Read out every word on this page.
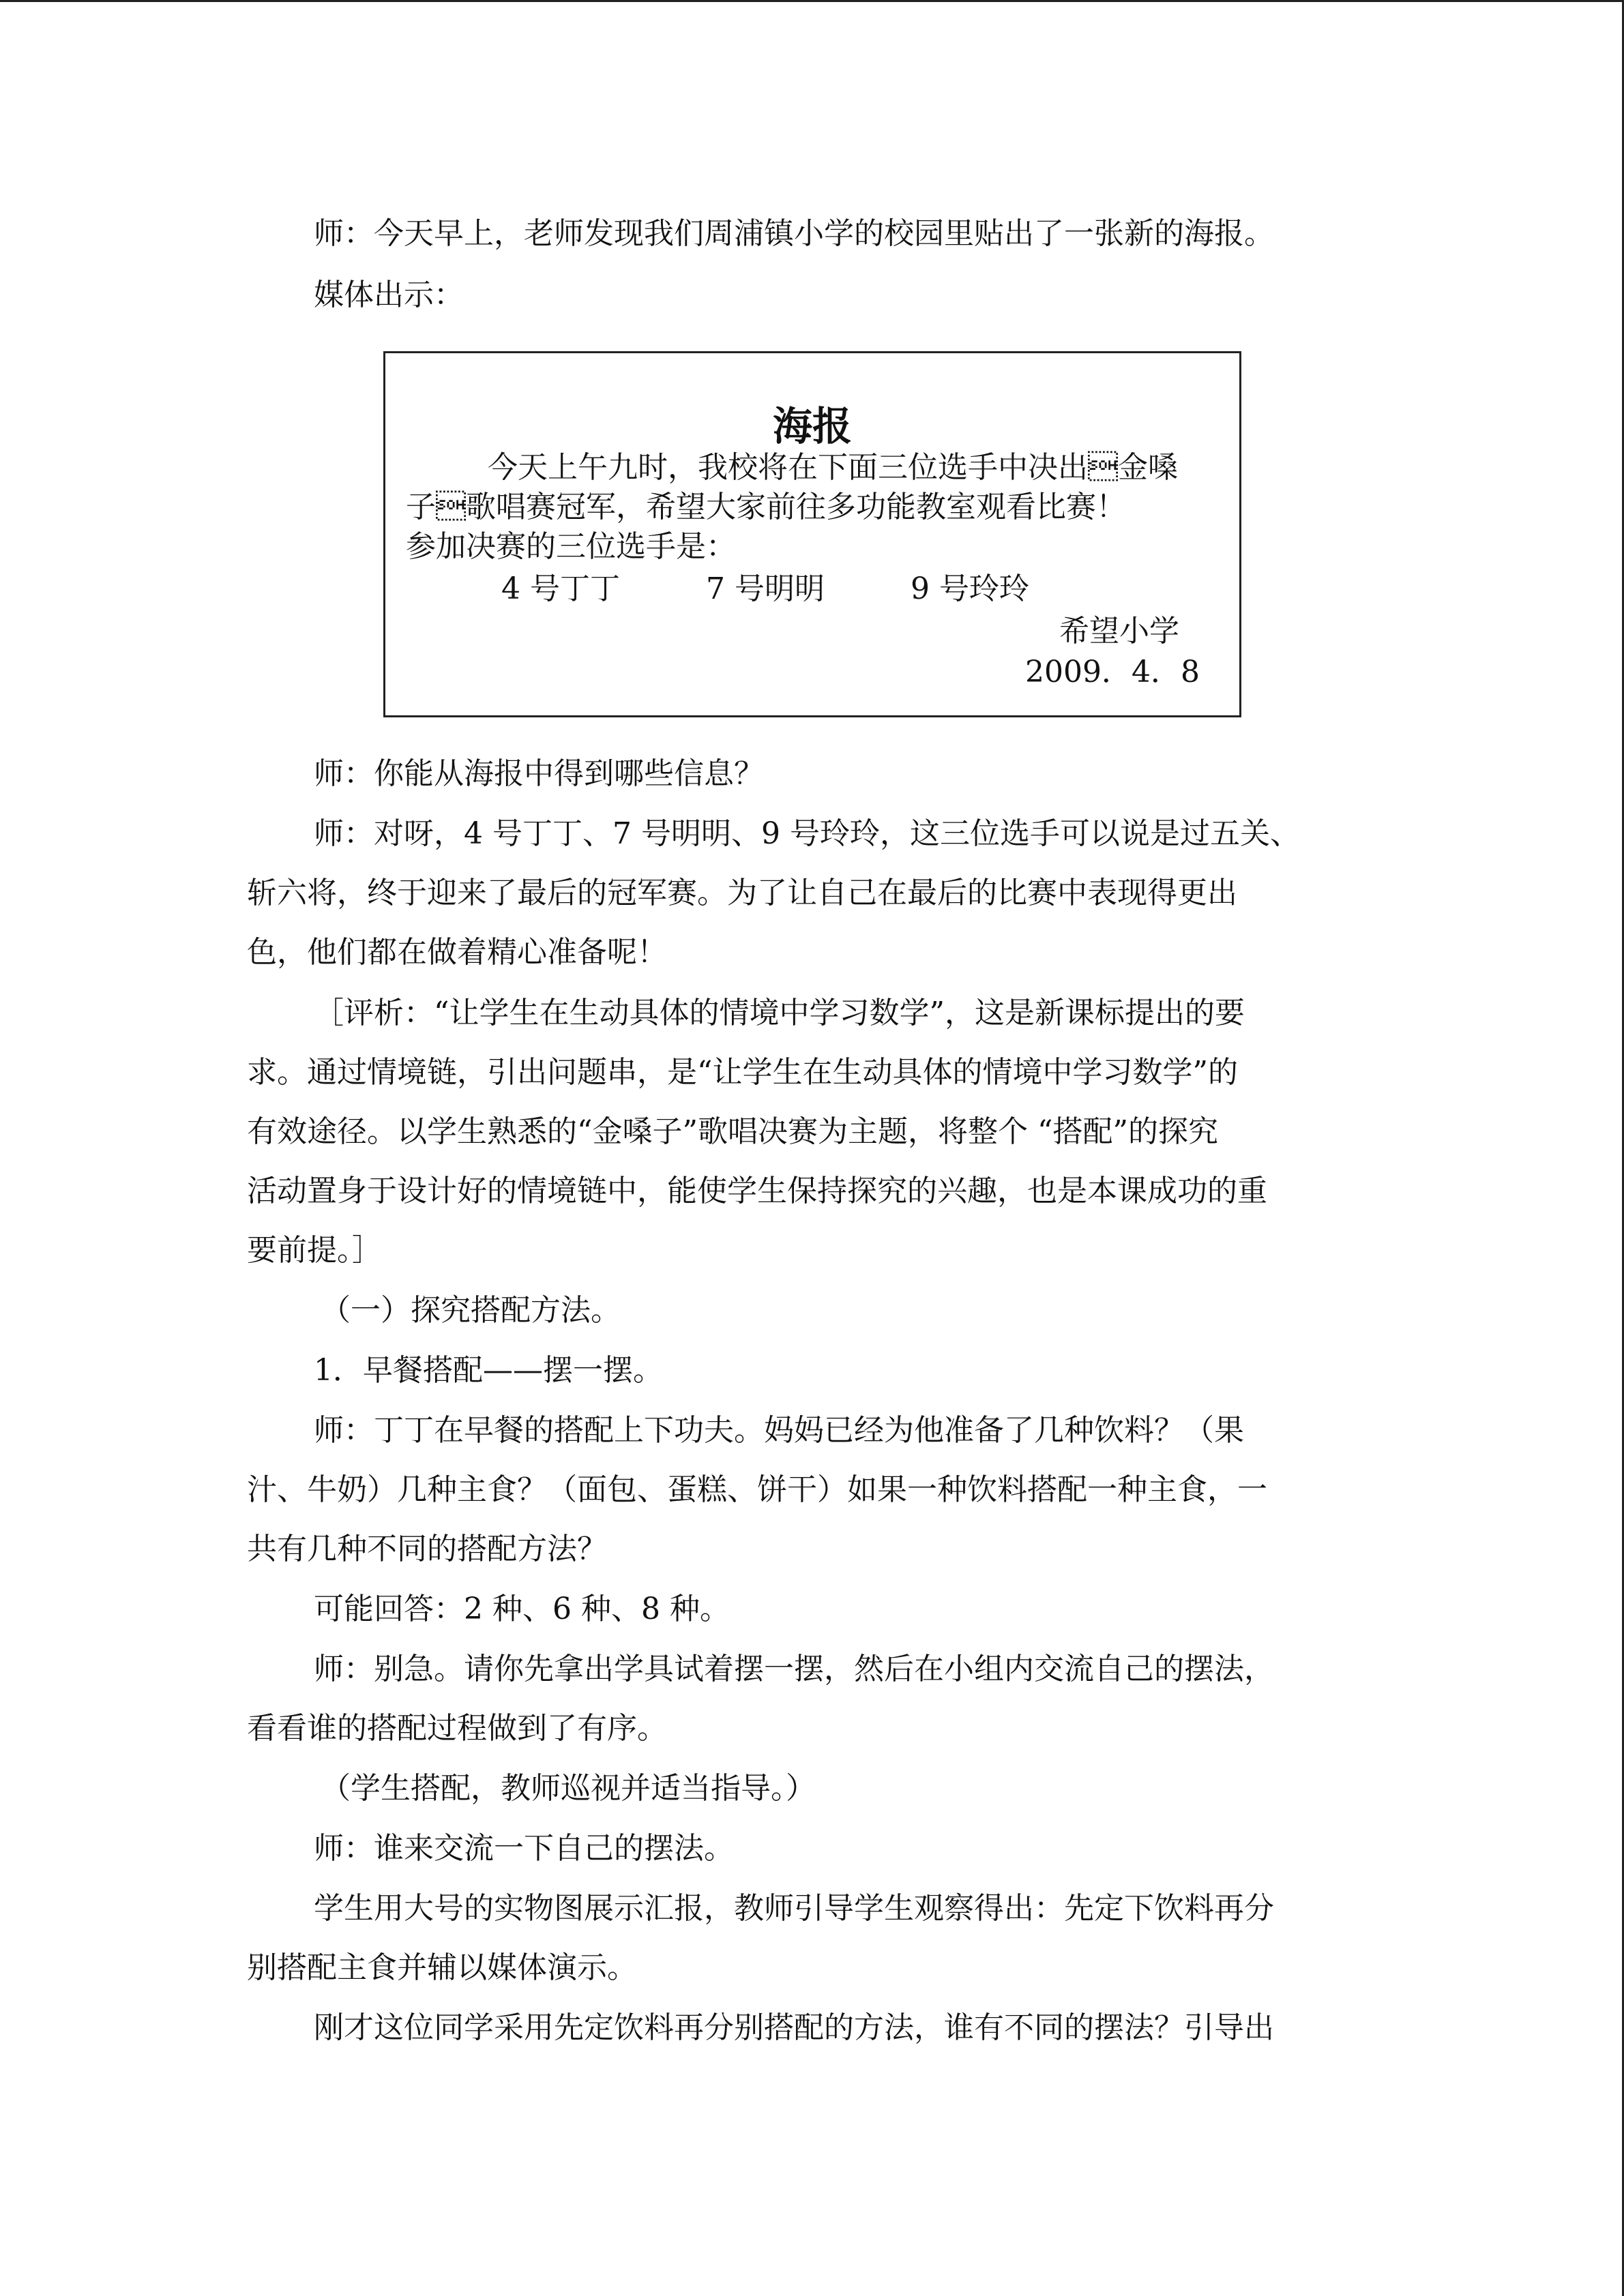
师：今天早上，老师发现我们周浦镇小学的校园里贴出了一张新的海报。
媒体出示：
海报
今天上午九时，我校将在下面三位选手中决出金嗓
子歌唱赛冠军，希望大家前往多功能教室观看比赛！
参加决赛的三位选手是：
4 号丁丁	7 号明明	9 号玲玲
希望小学
2009．4．8
师：你能从海报中得到哪些信息？
师：对呀，4 号丁丁、7 号明明、9 号玲玲，这三位选手可以说是过五关、
斩六将，终于迎来了最后的冠军赛。为了让自己在最后的比赛中表现得更出
色，他们都在做着精心准备呢！
［评析：“让学生在生动具体的情境中学习数学”，这是新课标提出的要
求。通过情境链，引出问题串，是“让学生在生动具体的情境中学习数学”的
有效途径。以学生熟悉的“金嗓子”歌唱决赛为主题，将整个 “搭配”的探究
活动置身于设计好的情境链中，能使学生保持探究的兴趣，也是本课成功的重
要前提。］
（一）探究搭配方法。
1．早餐搭配——摆一摆。
师：丁丁在早餐的搭配上下功夫。妈妈已经为他准备了几种饮料？（果
汁、牛奶）几种主食？（面包、蛋糕、饼干）如果一种饮料搭配一种主食，一
共有几种不同的搭配方法？
可能回答：2 种、6 种、8 种。
师：别急。请你先拿出学具试着摆一摆，然后在小组内交流自己的摆法，
看看谁的搭配过程做到了有序。
（学生搭配，教师巡视并适当指导。）
师：谁来交流一下自己的摆法。
学生用大号的实物图展示汇报，教师引导学生观察得出：先定下饮料再分
别搭配主食并辅以媒体演示。
刚才这位同学采用先定饮料再分别搭配的方法，谁有不同的摆法？引导出
